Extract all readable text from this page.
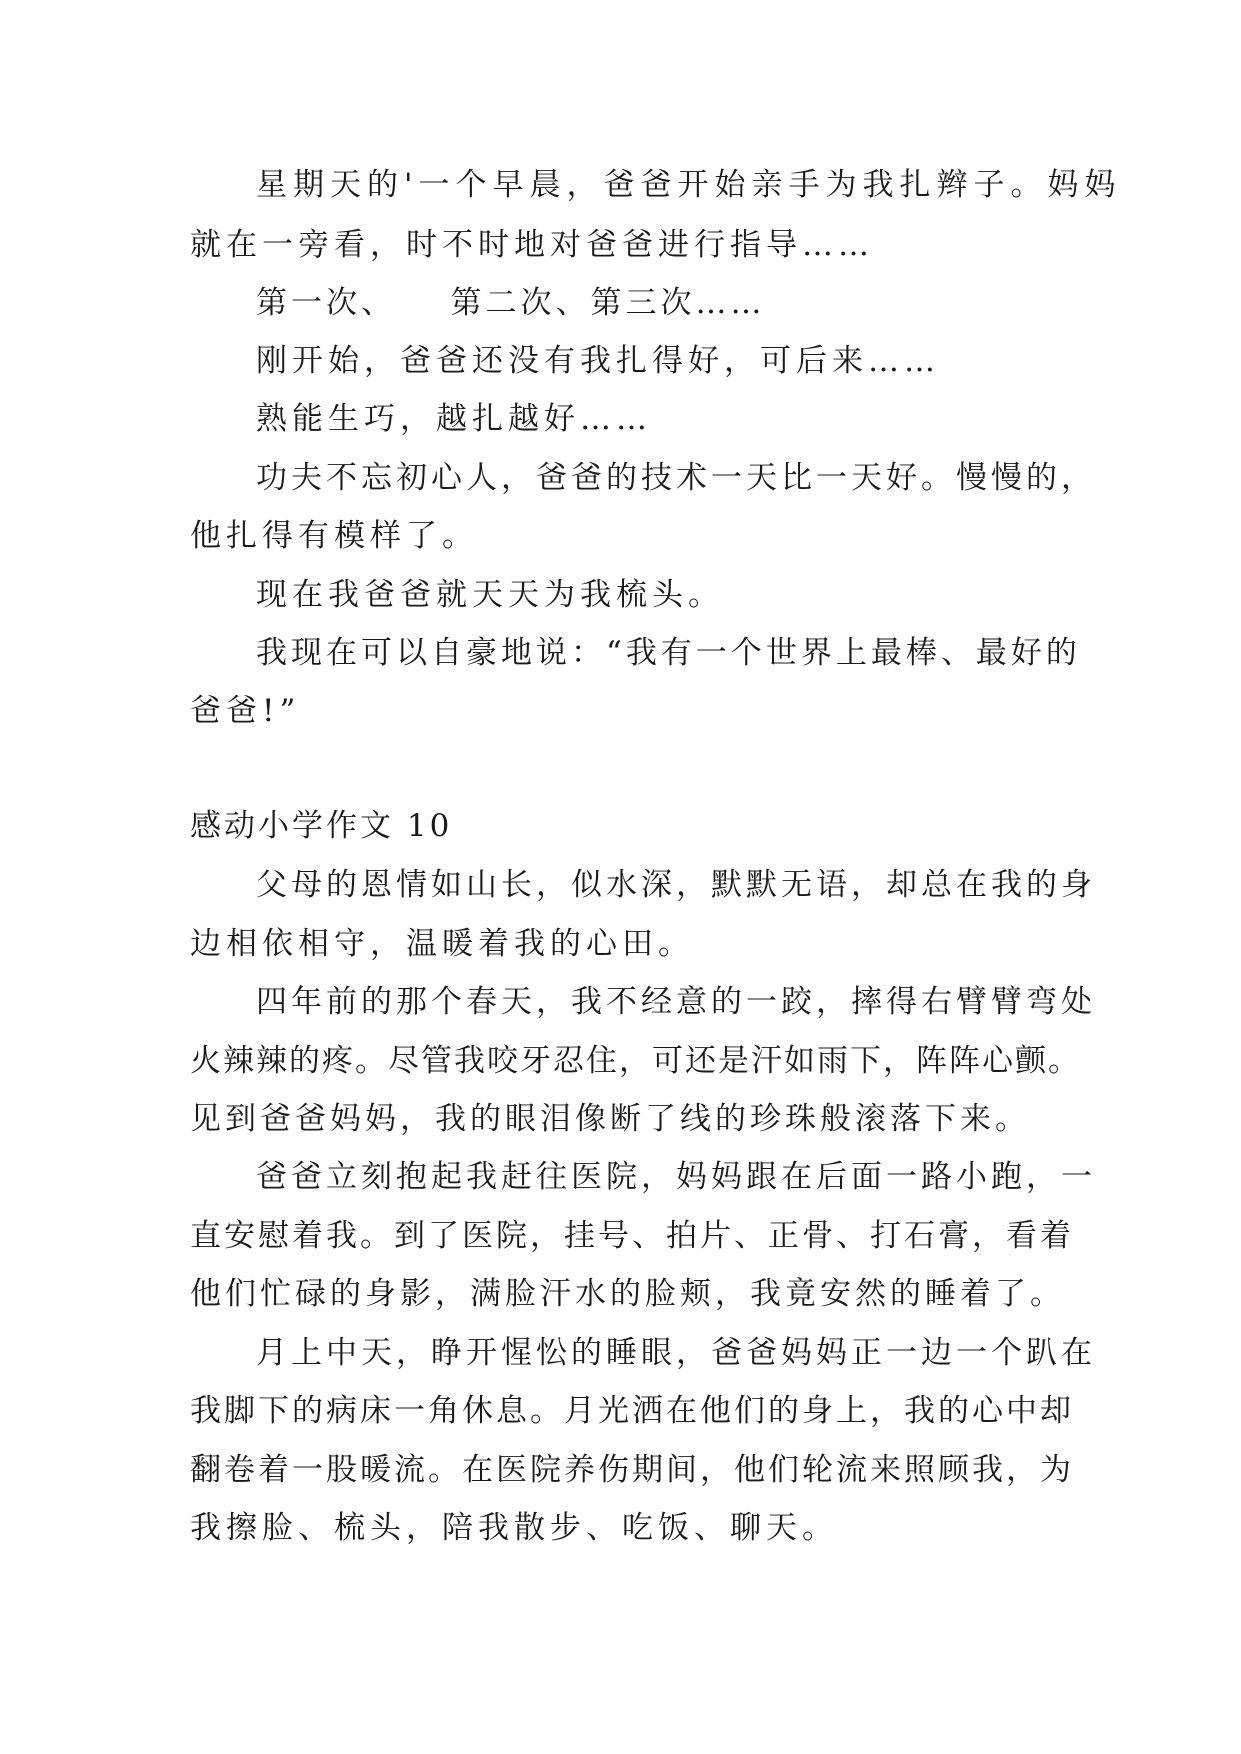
星期天的'一个早晨，爸爸开始亲手为我扎辫子。妈妈
就在一旁看，时不时地对爸爸进行指导……
第一次、　　第二次、第三次……
刚开始，爸爸还没有我扎得好，可后来……
熟能生巧，越扎越好……
功夫不忘初心人，爸爸的技术一天比一天好。慢慢的，
他扎得有模样了。
现在我爸爸就天天为我梳头。
我现在可以自豪地说：“我有一个世界上最棒、最好的
爸爸!”
感动小学作文 10
父母的恩情如山长，似水深，默默无语，却总在我的身
边相依相守，温暖着我的心田。
四年前的那个春天，我不经意的一跤，摔得右臂臂弯处
火辣辣的疼。尽管我咬牙忍住，可还是汗如雨下，阵阵心颤。
见到爸爸妈妈，我的眼泪像断了线的珍珠般滚落下来。
爸爸立刻抱起我赶往医院，妈妈跟在后面一路小跑，一
直安慰着我。到了医院，挂号、拍片、正骨、打石膏，看着
他们忙碌的身影，满脸汗水的脸颊，我竟安然的睡着了。
月上中天，睁开惺忪的睡眼，爸爸妈妈正一边一个趴在
我脚下的病床一角休息。月光洒在他们的身上，我的心中却
翻卷着一股暖流。在医院养伤期间，他们轮流来照顾我，为
我擦脸、梳头，陪我散步、吃饭、聊天。
